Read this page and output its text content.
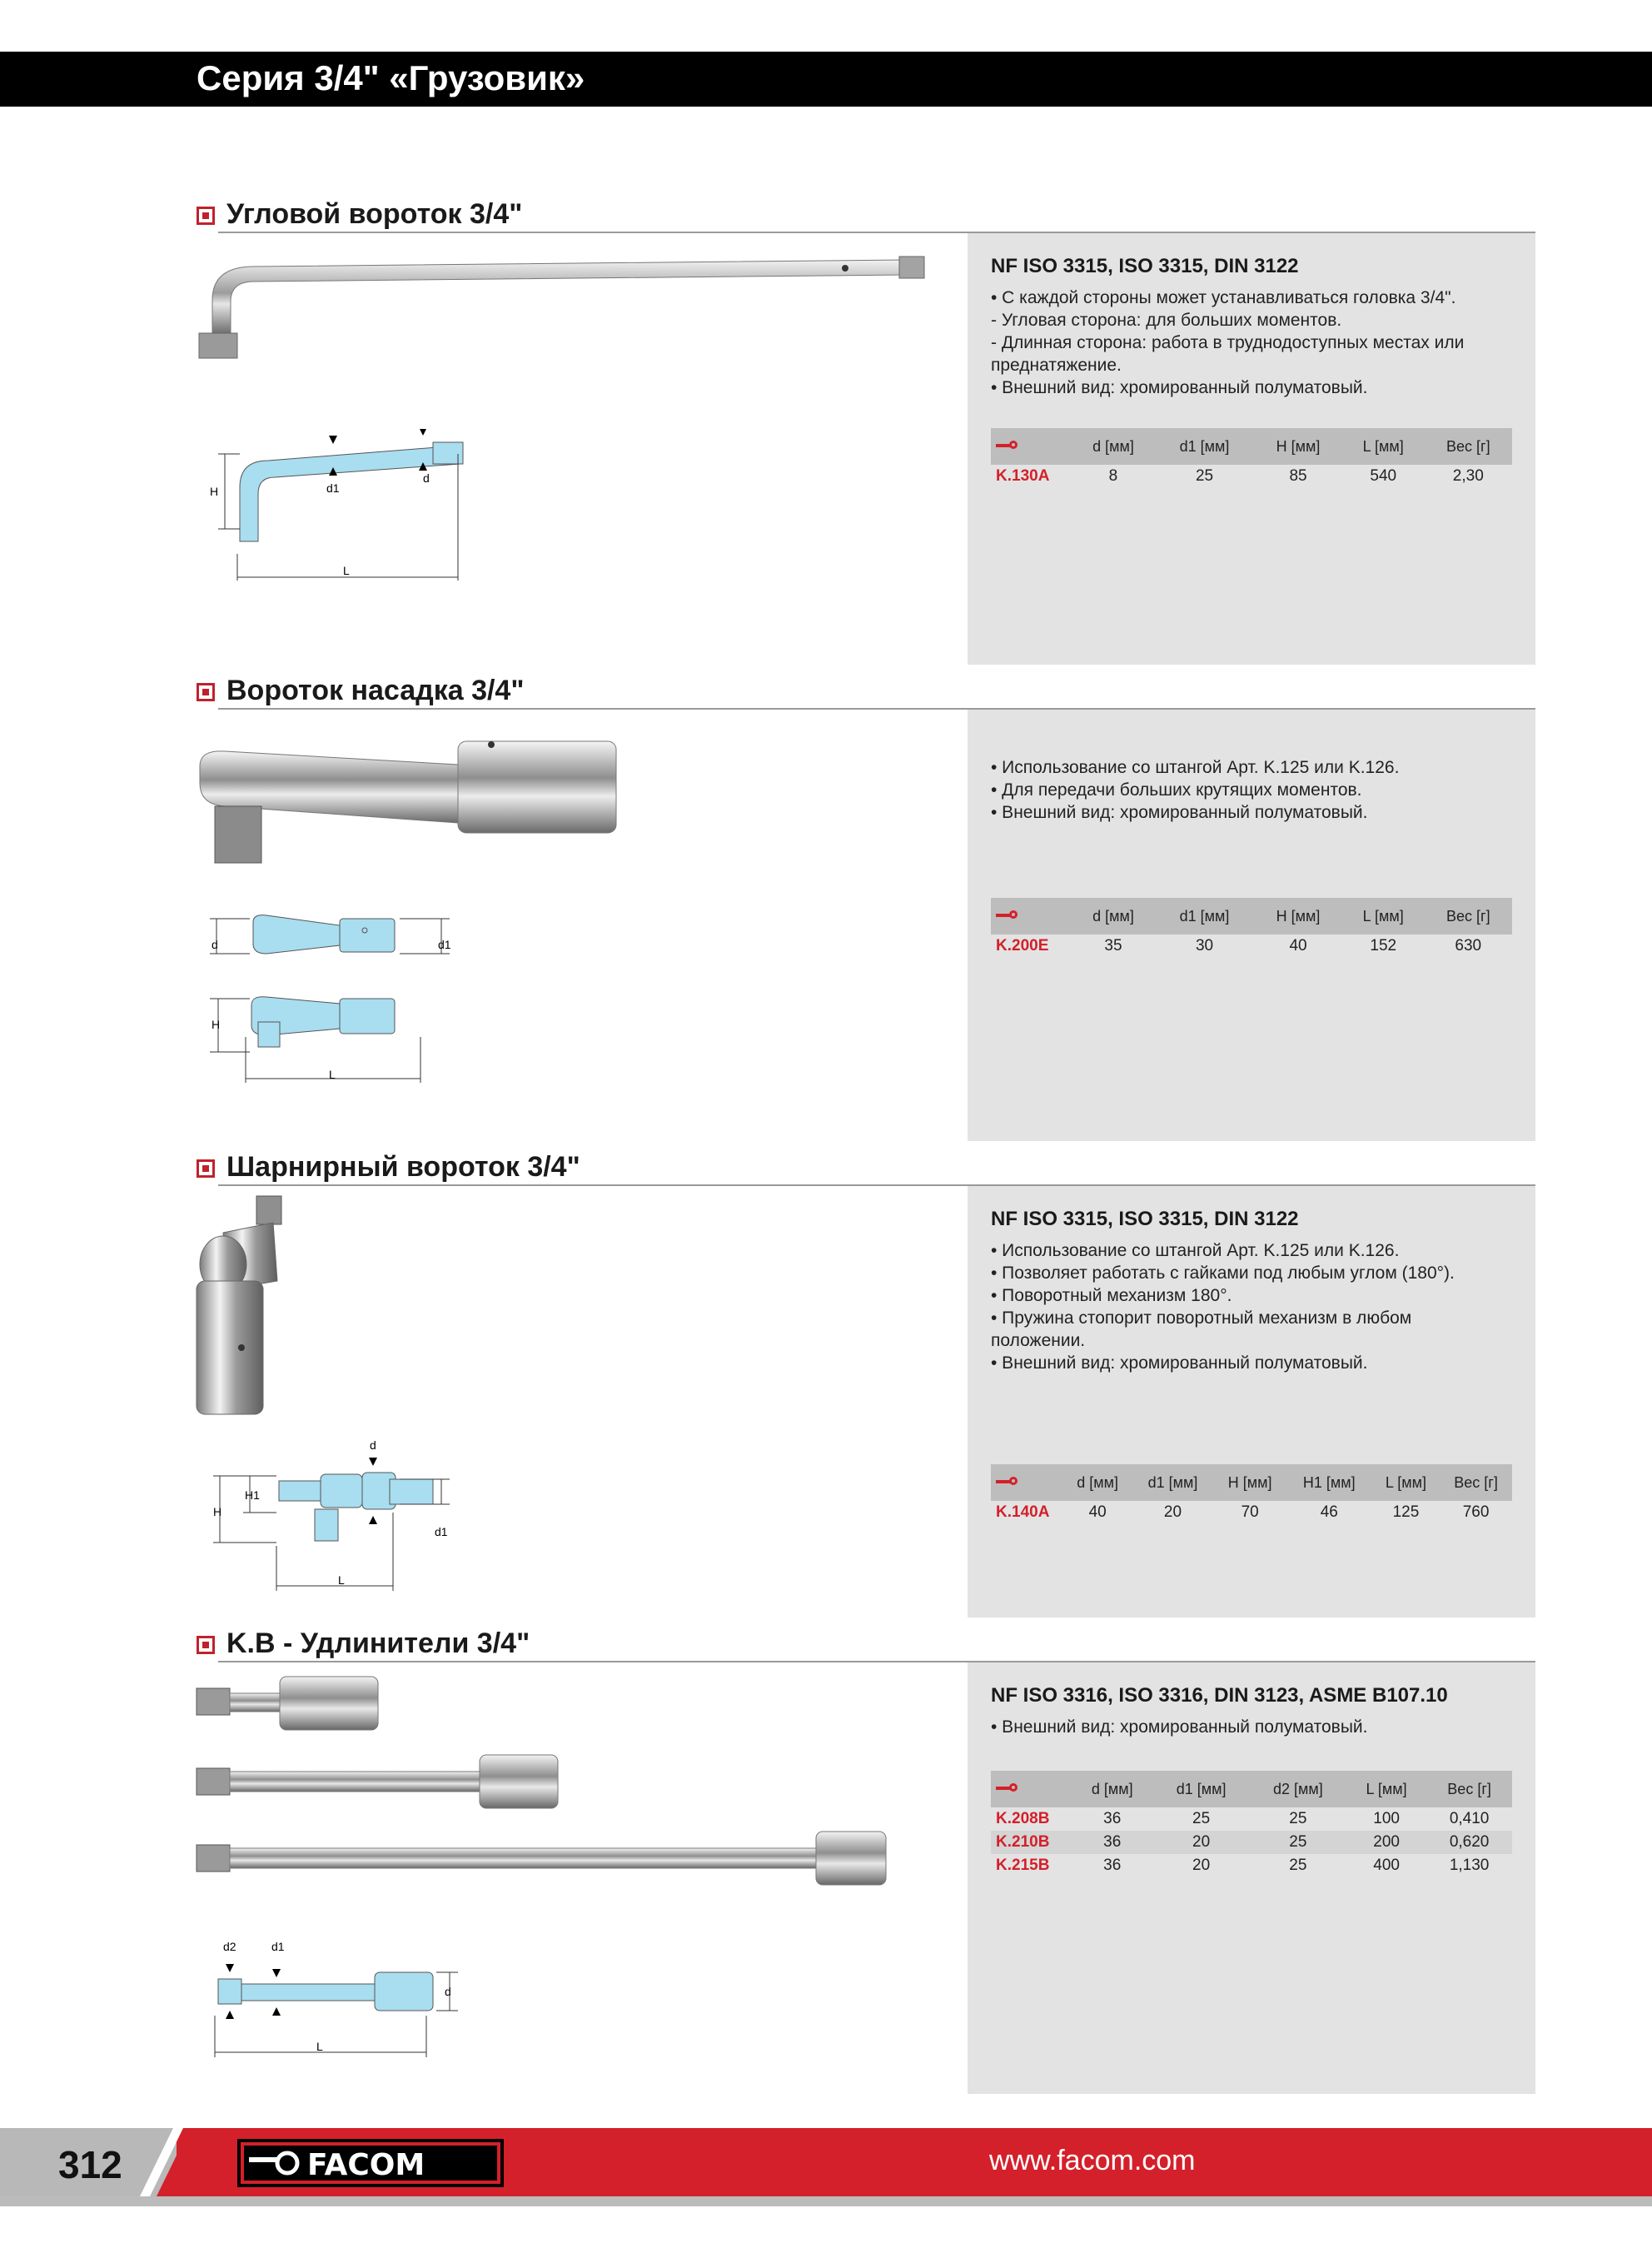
Серия 3/4" «Грузовик»
Угловой вороток 3/4"
H	d1
d
L
NF ISO 3315, ISO 3315, DIN 3122
• С каждой стороны может устанавливаться головка 3/4".
- Угловая сторона: для больших моментов.
- Длинная сторона: работа в труднодоступных местах или
преднатяжение.
• Внешний вид: хромированный полуматовый.
	d [мм]	d1 [мм]	H [мм]	L [мм]	Вес [г]
K.130A	8	25	85	540	2,30
Вороток насадка 3/4"
d	d1
H
L
• Использование со штангой Арт. K.125 или K.126.
• Для передачи больших крутящих моментов.
• Внешний вид: хромированный полуматовый.
	d [мм]	d1 [мм]	H [мм]	L [мм]	Вес [г]
K.200E	35	30	40	152	630
Шарнирный вороток 3/4"
d
H1
H
d1
L
NF ISO 3315, ISO 3315, DIN 3122
• Использование со штангой Арт. K.125 или K.126.
• Позволяет работать с гайками под любым углом (180°).
• Поворотный механизм 180°.
• Пружина стопорит поворотный механизм в любом
положении.
• Внешний вид: хромированный полуматовый.
	d [мм]	d1 [мм]	H [мм]	H1 [мм]	L [мм]	Вес [г]
K.140A	40	20	70	46	125	760
K.B - Удлинители 3/4"
d2	d1
d
L
NF ISO 3316, ISO 3316, DIN 3123, ASME B107.10
• Внешний вид: хромированный полуматовый.
	d [мм]	d1 [мм]	d2 [мм]	L [мм]	Вес [г]
K.208B	36	25	25	100	0,410
K.210B	36	20	25	200	0,620
K.215B	36	20	25	400	1,130
312	FACOM	www.facom.com
